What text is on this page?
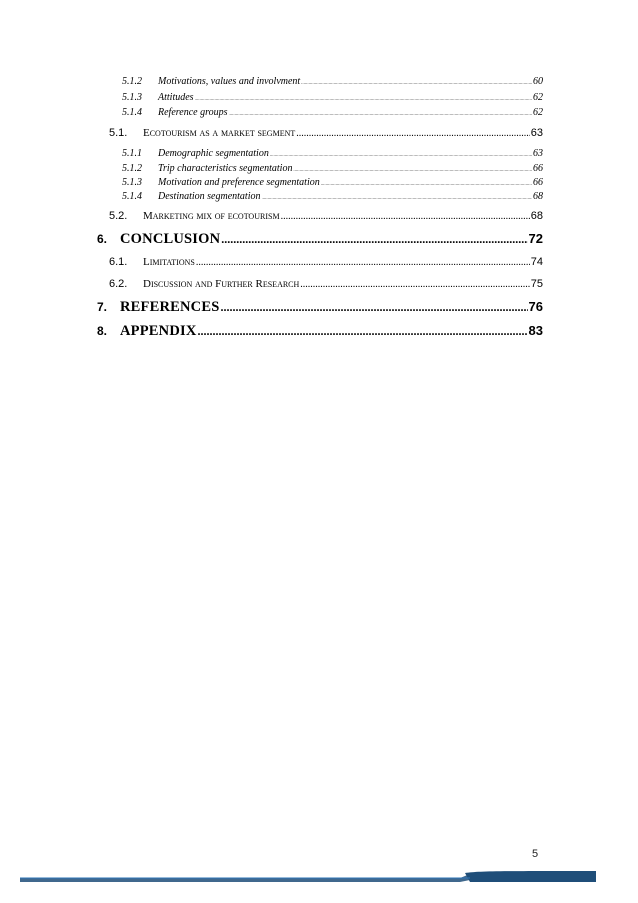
5.1.2	Motivations, values and involvment .....	60
5.1.3	Attitudes .....	62
5.1.4	Reference groups .....	62
5.1.	Ecotourism as a market segment .....	63
5.1.1	Demographic segmentation .....	63
5.1.2	Trip characteristics segmentation .....	66
5.1.3	Motivation and preference segmentation .....	66
5.1.4	Destination segmentation .....	68
5.2.	Marketing mix of ecotourism .....	68
6. CONCLUSION .....	72
6.1.	Limitations .....	74
6.2.	Discussion and Further Research .....	75
7. REFERENCES .....	76
8. APPENDIX .....	83
5
